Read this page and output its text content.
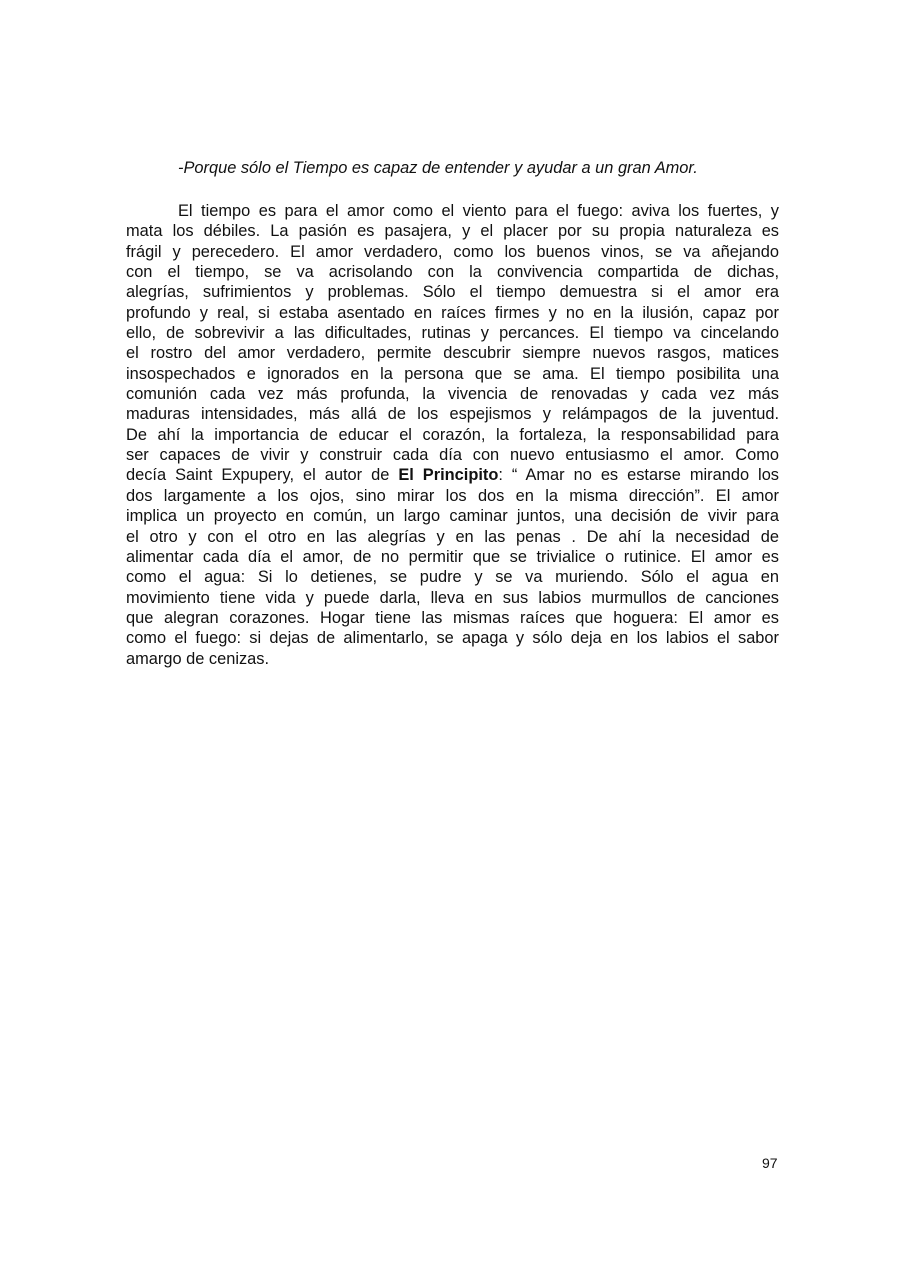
-Porque sólo el Tiempo es capaz de entender y ayudar a un gran Amor.
El tiempo es para el amor como el viento para el fuego: aviva los fuertes, y
mata los débiles. La pasión es pasajera, y el placer por su propia naturaleza es
frágil y perecedero. El amor verdadero, como los buenos vinos, se va añejando
con el tiempo, se va acrisolando con la convivencia compartida de dichas,
alegrías, sufrimientos y problemas. Sólo el tiempo demuestra si el amor era
profundo y real, si estaba asentado en raíces firmes y no en la ilusión, capaz por
ello, de sobrevivir a las dificultades, rutinas y percances. El tiempo va cincelando
el rostro del amor verdadero, permite descubrir siempre nuevos rasgos, matices
insospechados e ignorados en la persona que se ama. El tiempo posibilita una
comunión cada vez más profunda, la vivencia de renovadas y cada vez más
maduras intensidades, más allá de los espejismos y relámpagos de la juventud.
De ahí la importancia de educar el corazón, la fortaleza, la responsabilidad para
ser capaces de vivir y construir cada día con nuevo entusiasmo el amor. Como
decía Saint Expupery, el autor de El Principito: “ Amar no es estarse mirando los
dos largamente a los ojos, sino mirar los dos en la misma dirección”. El amor
implica un proyecto en común, un largo caminar juntos, una decisión de vivir para
el otro y con el otro en las alegrías y en las penas . De ahí la necesidad de
alimentar cada día el amor, de no permitir que se trivialice o rutinice. El amor es
como el agua: Si lo detienes, se pudre y se va muriendo. Sólo el agua en
movimiento tiene vida y puede darla, lleva en sus labios murmullos de canciones
que alegran corazones. Hogar tiene las mismas raíces que hoguera: El amor es
como el fuego: si dejas de alimentarlo, se apaga y sólo deja en los labios el sabor
amargo de cenizas.
97
